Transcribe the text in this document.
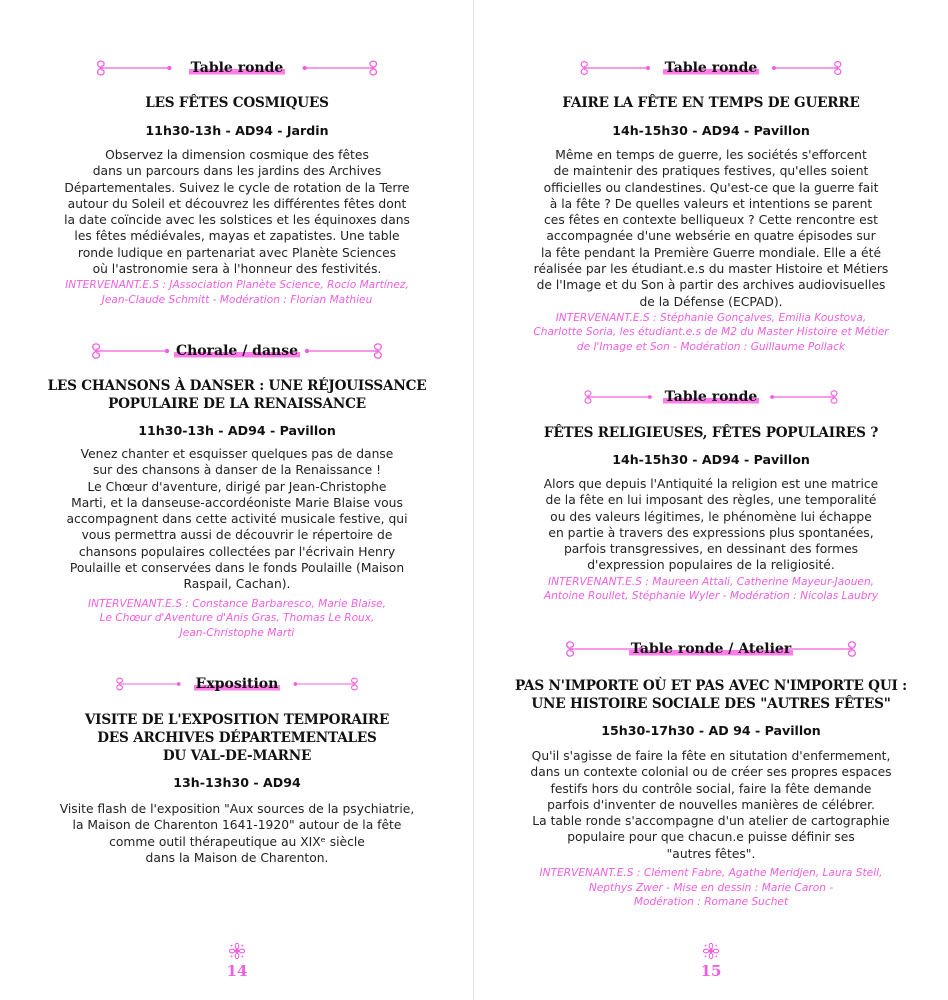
Table ronde

LES FÊTES COSMIQUES

11h30-13h - AD94 - Jardin

Observez la dimension cosmique des fêtes
dans un parcours dans les jardins des Archives
Départementales. Suivez le cycle de rotation de la Terre
autour du Soleil et découvrez les différentes fêtes dont
la date coïncide avec les solstices et les équinoxes dans
les fêtes médiévales, mayas et zapatistes. Une table
ronde ludique en partenariat avec Planète Sciences
où l'astronomie sera à l'honneur des festivités.

INTERVENANT.E.S : JAssociation Planète Science, Rocío Martínez,
Jean-Claude Schmitt - Modération : Florian Mathieu

Chorale / danse

LES CHANSONS À DANSER : UNE RÉJOUISSANCE
POPULAIRE DE LA RENAISSANCE

11h30-13h - AD94 - Pavillon

Venez chanter et esquisser quelques pas de danse
sur des chansons à danser de la Renaissance !
Le Chœur d'aventure, dirigé par Jean-Christophe
Marti, et la danseuse-accordéoniste Marie Blaise vous
accompagnent dans cette activité musicale festive, qui
vous permettra aussi de découvrir le répertoire de
chansons populaires collectées par l'écrivain Henry
Poulaille et conservées dans le fonds Poulaille (Maison
Raspail, Cachan).

INTERVENANT.E.S : Constance Barbaresco, Marie Blaise,
Le Chœur d'Aventure d'Anis Gras, Thomas Le Roux,
Jean-Christophe Marti

Exposition

VISITE DE L'EXPOSITION TEMPORAIRE
DES ARCHIVES DÉPARTEMENTALES
DU VAL-DE-MARNE

13h-13h30 - AD94

Visite flash de l'exposition "Aux sources de la psychiatrie,
la Maison de Charenton 1641-1920" autour de la fête
comme outil thérapeutique au XIXᵉ siècle
dans la Maison de Charenton.

14
Table ronde

FAIRE LA FÊTE EN TEMPS DE GUERRE

14h-15h30 - AD94 - Pavillon

Même en temps de guerre, les sociétés s'efforcent
de maintenir des pratiques festives, qu'elles soient
officielles ou clandestines. Qu'est-ce que la guerre fait
à la fête ? De quelles valeurs et intentions se parent
ces fêtes en contexte belliqueux ? Cette rencontre est
accompagnée d'une websérie en quatre épisodes sur
la fête pendant la Première Guerre mondiale. Elle a été
réalisée par les étudiant.e.s du master Histoire et Métiers
de l'Image et du Son à partir des archives audiovisuelles
de la Défense (ECPAD).

INTERVENANT.E.S : Stéphanie Gonçalves, Emilia Koustova,
Charlotte Soria, les étudiant.e.s de M2 du Master Histoire et Métier
de l'Image et Son - Modération : Guillaume Pollack

Table ronde

FÊTES RELIGIEUSES, FÊTES POPULAIRES ?

14h-15h30 - AD94 - Pavillon

Alors que depuis l'Antiquité la religion est une matrice
de la fête en lui imposant des règles, une temporalité
ou des valeurs légitimes, le phénomène lui échappe
en partie à travers des expressions plus spontanées,
parfois transgressives, en dessinant des formes
d'expression populaires de la religiosité.

INTERVENANT.E.S : Maureen Attali, Catherine Mayeur-Jaouen,
Antoine Roullet, Stéphanie Wyler - Modération : Nicolas Laubry

Table ronde / Atelier

PAS N'IMPORTE OÙ ET PAS AVEC N'IMPORTE QUI :
UNE HISTOIRE SOCIALE DES "AUTRES FÊTES"

15h30-17h30 - AD 94 - Pavillon

Qu'il s'agisse de faire la fête en situtation d'enfermement,
dans un contexte colonial ou de créer ses propres espaces
festifs hors du contrôle social, faire la fête demande
parfois d'inventer de nouvelles manières de célébrer.
La table ronde s'accompagne d'un atelier de cartographie
populaire pour que chacun.e puisse définir ses
"autres fêtes".

INTERVENANT.E.S : Clément Fabre, Agathe Meridjen, Laura Stell,
Nepthys Zwer - Mise en dessin : Marie Caron -
Modération : Romane Suchet

15
